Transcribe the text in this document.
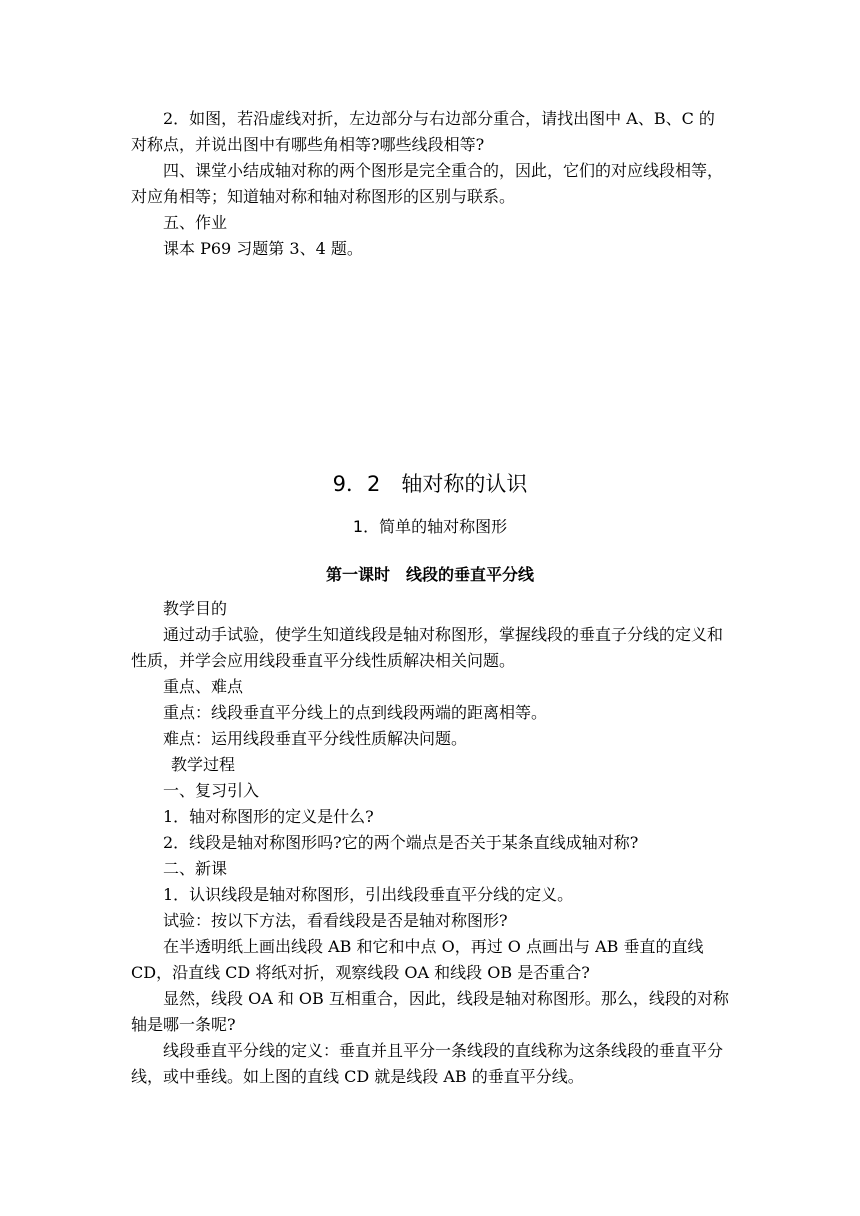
2．如图，若沿虚线对折，左边部分与右边部分重合，请找出图中 A、B、C 的对称点，并说出图中有哪些角相等?哪些线段相等?

四、课堂小结成轴对称的两个图形是完全重合的，因此，它们的对应线段相等，对应角相等；知道轴对称和轴对称图形的区别与联系。

五、作业

课本 P69 习题第 3、4 题。

9．2　轴对称的认识
1．简单的轴对称图形
第一课时　线段的垂直平分线

教学目的

通过动手试验，使学生知道线段是轴对称图形，掌握线段的垂直子分线的定义和性质，并学会应用线段垂直平分线性质解决相关问题。

重点、难点

重点：线段垂直平分线上的点到线段两端的距离相等。

难点：运用线段垂直平分线性质解决问题。

教学过程

一、复习引入

1．轴对称图形的定义是什么?

2．线段是轴对称图形吗?它的两个端点是否关于某条直线成轴对称?

二、新课

1．认识线段是轴对称图形，引出线段垂直平分线的定义。

试验：按以下方法，看看线段是否是轴对称图形?

在半透明纸上画出线段 AB 和它和中点 O，再过 O 点画出与 AB 垂直的直线 CD，沿直线 CD 将纸对折，观察线段 OA 和线段 OB 是否重合?

显然，线段 OA 和 OB 互相重合，因此，线段是轴对称图形。那么，线段的对称轴是哪一条呢?

线段垂直平分线的定义：垂直并且平分一条线段的直线称为这条线段的垂直平分线，或中垂线。如上图的直线 CD 就是线段 AB 的垂直平分线。
